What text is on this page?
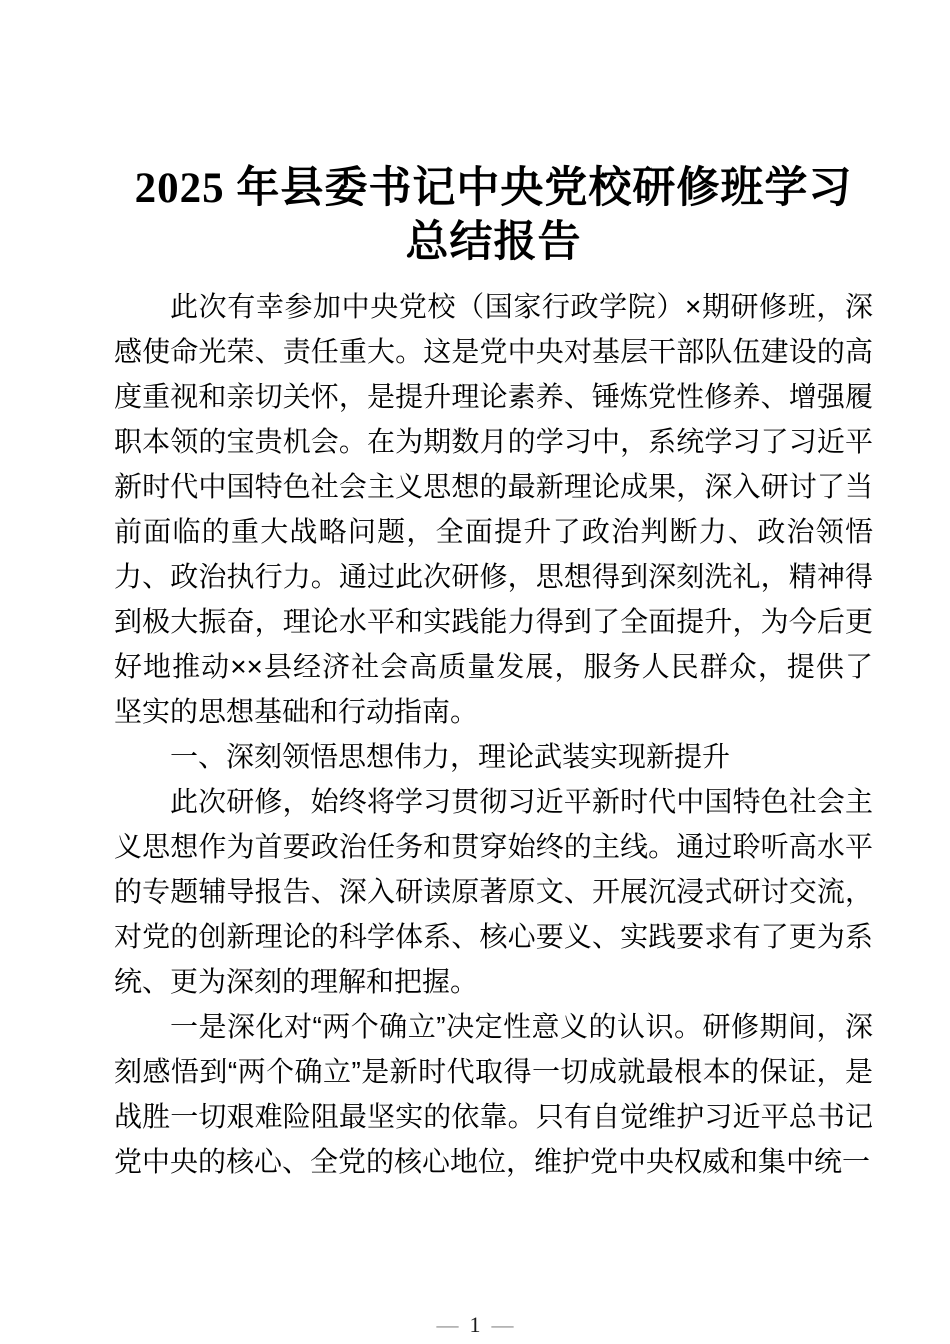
2025 年县委书记中央党校研修班学习
总结报告

此次有幸参加中央党校（国家行政学院）×期研修班，深感使命光荣、责任重大。这是党中央对基层干部队伍建设的高度重视和亲切关怀，是提升理论素养、锤炼党性修养、增强履职本领的宝贵机会。在为期数月的学习中，系统学习了习近平新时代中国特色社会主义思想的最新理论成果，深入研讨了当前面临的重大战略问题，全面提升了政治判断力、政治领悟力、政治执行力。通过此次研修，思想得到深刻洗礼，精神得到极大振奋，理论水平和实践能力得到了全面提升，为今后更好地推动××县经济社会高质量发展，服务人民群众，提供了坚实的思想基础和行动指南。

一、深刻领悟思想伟力，理论武装实现新提升

此次研修，始终将学习贯彻习近平新时代中国特色社会主义思想作为首要政治任务和贯穿始终的主线。通过聆听高水平的专题辅导报告、深入研读原著原文、开展沉浸式研讨交流，对党的创新理论的科学体系、核心要义、实践要求有了更为系统、更为深刻的理解和把握。

一是深化对“两个确立”决定性意义的认识。研修期间，深刻感悟到“两个确立”是新时代取得一切成就最根本的保证，是战胜一切艰难险阻最坚实的依靠。只有自觉维护习近平总书记党中央的核心、全党的核心地位，维护党中央权威和集中统一

— 1 —
